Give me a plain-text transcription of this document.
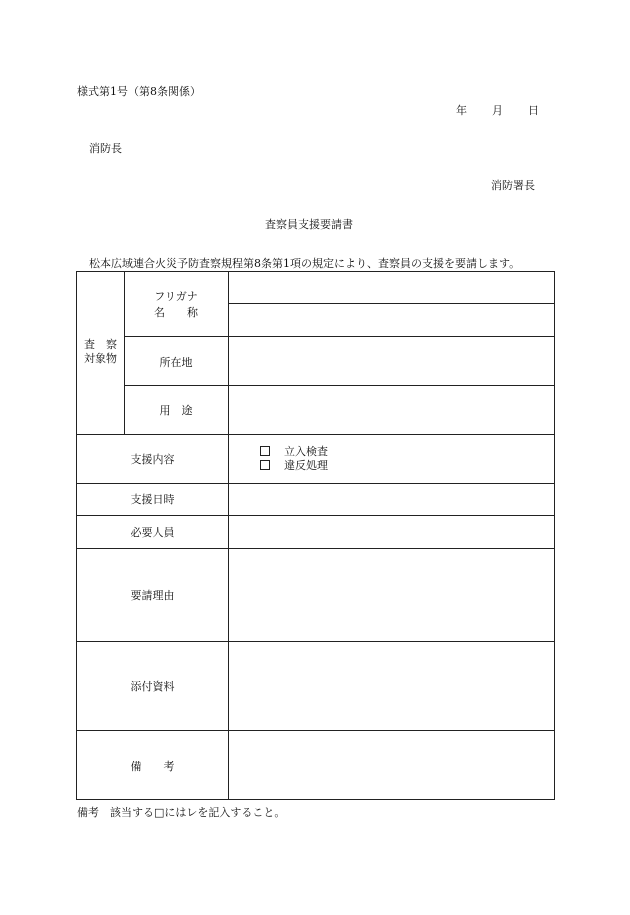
様式第1号（第8条関係）
年 月 日
消防長
消防署長
査察員支援要請書
松本広域連合火災予防査察規程第8条第1項の規定により、査察員の支援を要請します。
査　察
対象物
フリガナ
名　　称
所在地
用　途
支援内容
支援日時
必要人員
要請理由
添付資料
備　　考
立入検査
違反処理
備考　該当する□にはレを記入すること。
